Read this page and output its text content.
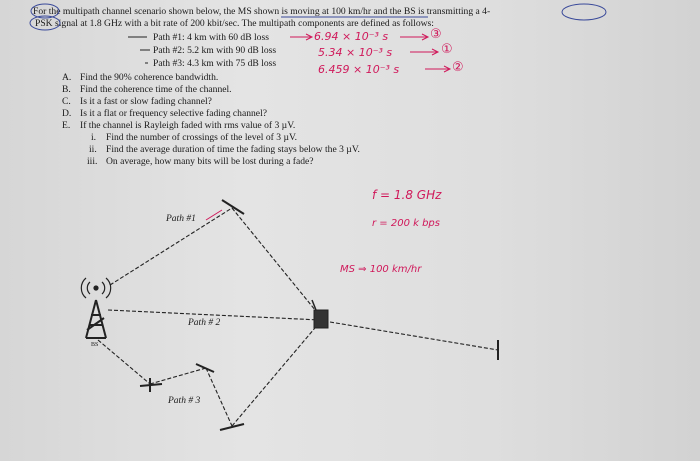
For the multipath channel scenario shown below, the MS shown is moving at 100 km/hr and the BS is transmitting a 4-
PSK signal at 1.8 GHz with a bit rate of 200 kbit/sec. The multipath components are defined as follows:
Path #1: 4 km with 60 dB loss
Path #2: 5.2 km with 90 dB loss
Path #3: 4.3 km with 75 dB loss
A. Find the 90% coherence bandwidth.
B. Find the coherence time of the channel.
C. Is it a fast or slow fading channel?
D. Is it a flat or frequency selective fading channel?
E. If the channel is Rayleigh faded with rms value of 3 µV.
i. Find the number of crossings of the level of 3 µV.
ii. Find the average duration of time the fading stays below the 3 µV.
iii. On average, how many bits will be lost during a fade?
6.94 × 10⁻³ s	③
5.34 × 10⁻³ s	①
6.459 × 10⁻³ s	②
f = 1.8 GHz
r = 200 k bps
MS ⇒ 100 km/hr
Path #1
Path # 2
Path # 3
BS
